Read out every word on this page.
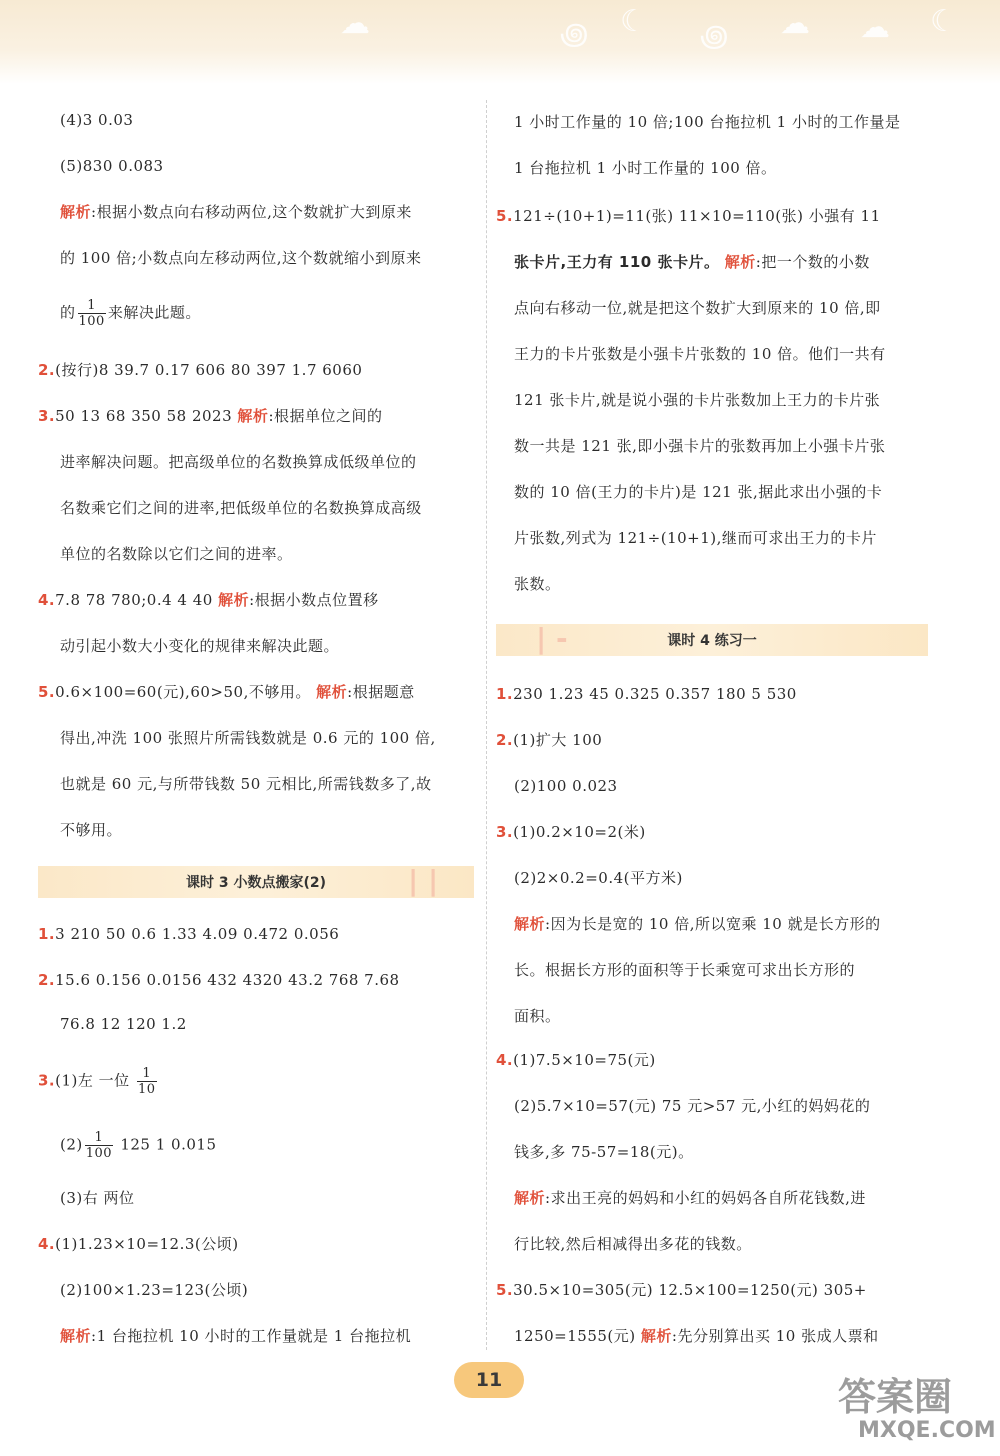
☁	꩜ ☾ ꩜ ☁ ☁ ☾
(4)3 0.03
(5)830 0.083
解析:根据小数点向右移动两位,这个数就扩大到原来
的 100 倍;小数点向左移动两位,这个数就缩小到原来
的 $\frac{1}{100}$ 来解决此题。
2.(按行)8 39.7 0.17 606 80 397 1.7 6060
3.50 13 68 350 58 2023 解析:根据单位之间的
进率解决问题。把高级单位的名数换算成低级单位的
名数乘它们之间的进率,把低级单位的名数换算成高级
单位的名数除以它们之间的进率。
4.7.8 78 780;0.4 4 40 解析:根据小数点位置移
动引起小数大小变化的规律来解决此题。
5.0.6×100=60(元),60>50,不够用。 解析:根据题意
得出,冲洗 100 张照片所需钱数就是 0.6 元的 100 倍,
也就是 60 元,与所带钱数 50 元相比,所需钱数多了,故
不够用。
| |
课时 3 小数点搬家(2)
1.3 210 50 0.6 1.33 4.09 0.472 0.056
2.15.6 0.156 0.0156 432 4320 43.2 768 7.68
76.8 12 120 1.2
3.(1)左 一位 $\frac{1}{10}$
$(2) \frac{1}{100} 125$ 1 0.015
(3)右 两位
4.(1)1.23×10=12.3(公顷)
(2)100×1.23=123(公顷)
解析:1 台拖拉机 10 小时的工作量就是 1 台拖拉机
1 小时工作量的 10 倍;100 台拖拉机 1 小时的工作量是
1 台拖拉机 1 小时工作量的 100 倍。
5.121÷(10+1)=11(张) 11×10=110(张) 小强有 11
张卡片,王力有 110 张卡片。 解析:把一个数的小数
点向右移动一位,就是把这个数扩大到原来的 10 倍,即
王力的卡片张数是小强卡片张数的 10 倍。他们一共有
121 张卡片,就是说小强的卡片张数加上王力的卡片张
数一共是 121 张,即小强卡片的张数再加上小强卡片张
数的 10 倍(王力的卡片)是 121 张,据此求出小强的卡
片张数,列式为 121÷(10+1),继而可求出王力的卡片
张数。
| -	课时 4 练习一
1.230 1.23 45 0.325 0.357 180 5 530
2.(1)扩大 100
(2)100 0.023
3.(1)0.2×10=2(米)
(2)2×0.2=0.4(平方米)
解析:因为长是宽的 10 倍,所以宽乘 10 就是长方形的
长。根据长方形的面积等于长乘宽可求出长方形的
面积。
4.(1)7.5×10=75(元)
(2)5.7×10=57(元) 75 元>57 元,小红的妈妈花的
钱多,多 75-57=18(元)。
解析:求出王亮的妈妈和小红的妈妈各自所花钱数,进
行比较,然后相减得出多花的钱数。
5.30.5×10=305(元) 12.5×100=1250(元) 305+
1250=1555(元) 解析:先分别算出买 10 张成人票和
11	答案圈
MXQE.COM
